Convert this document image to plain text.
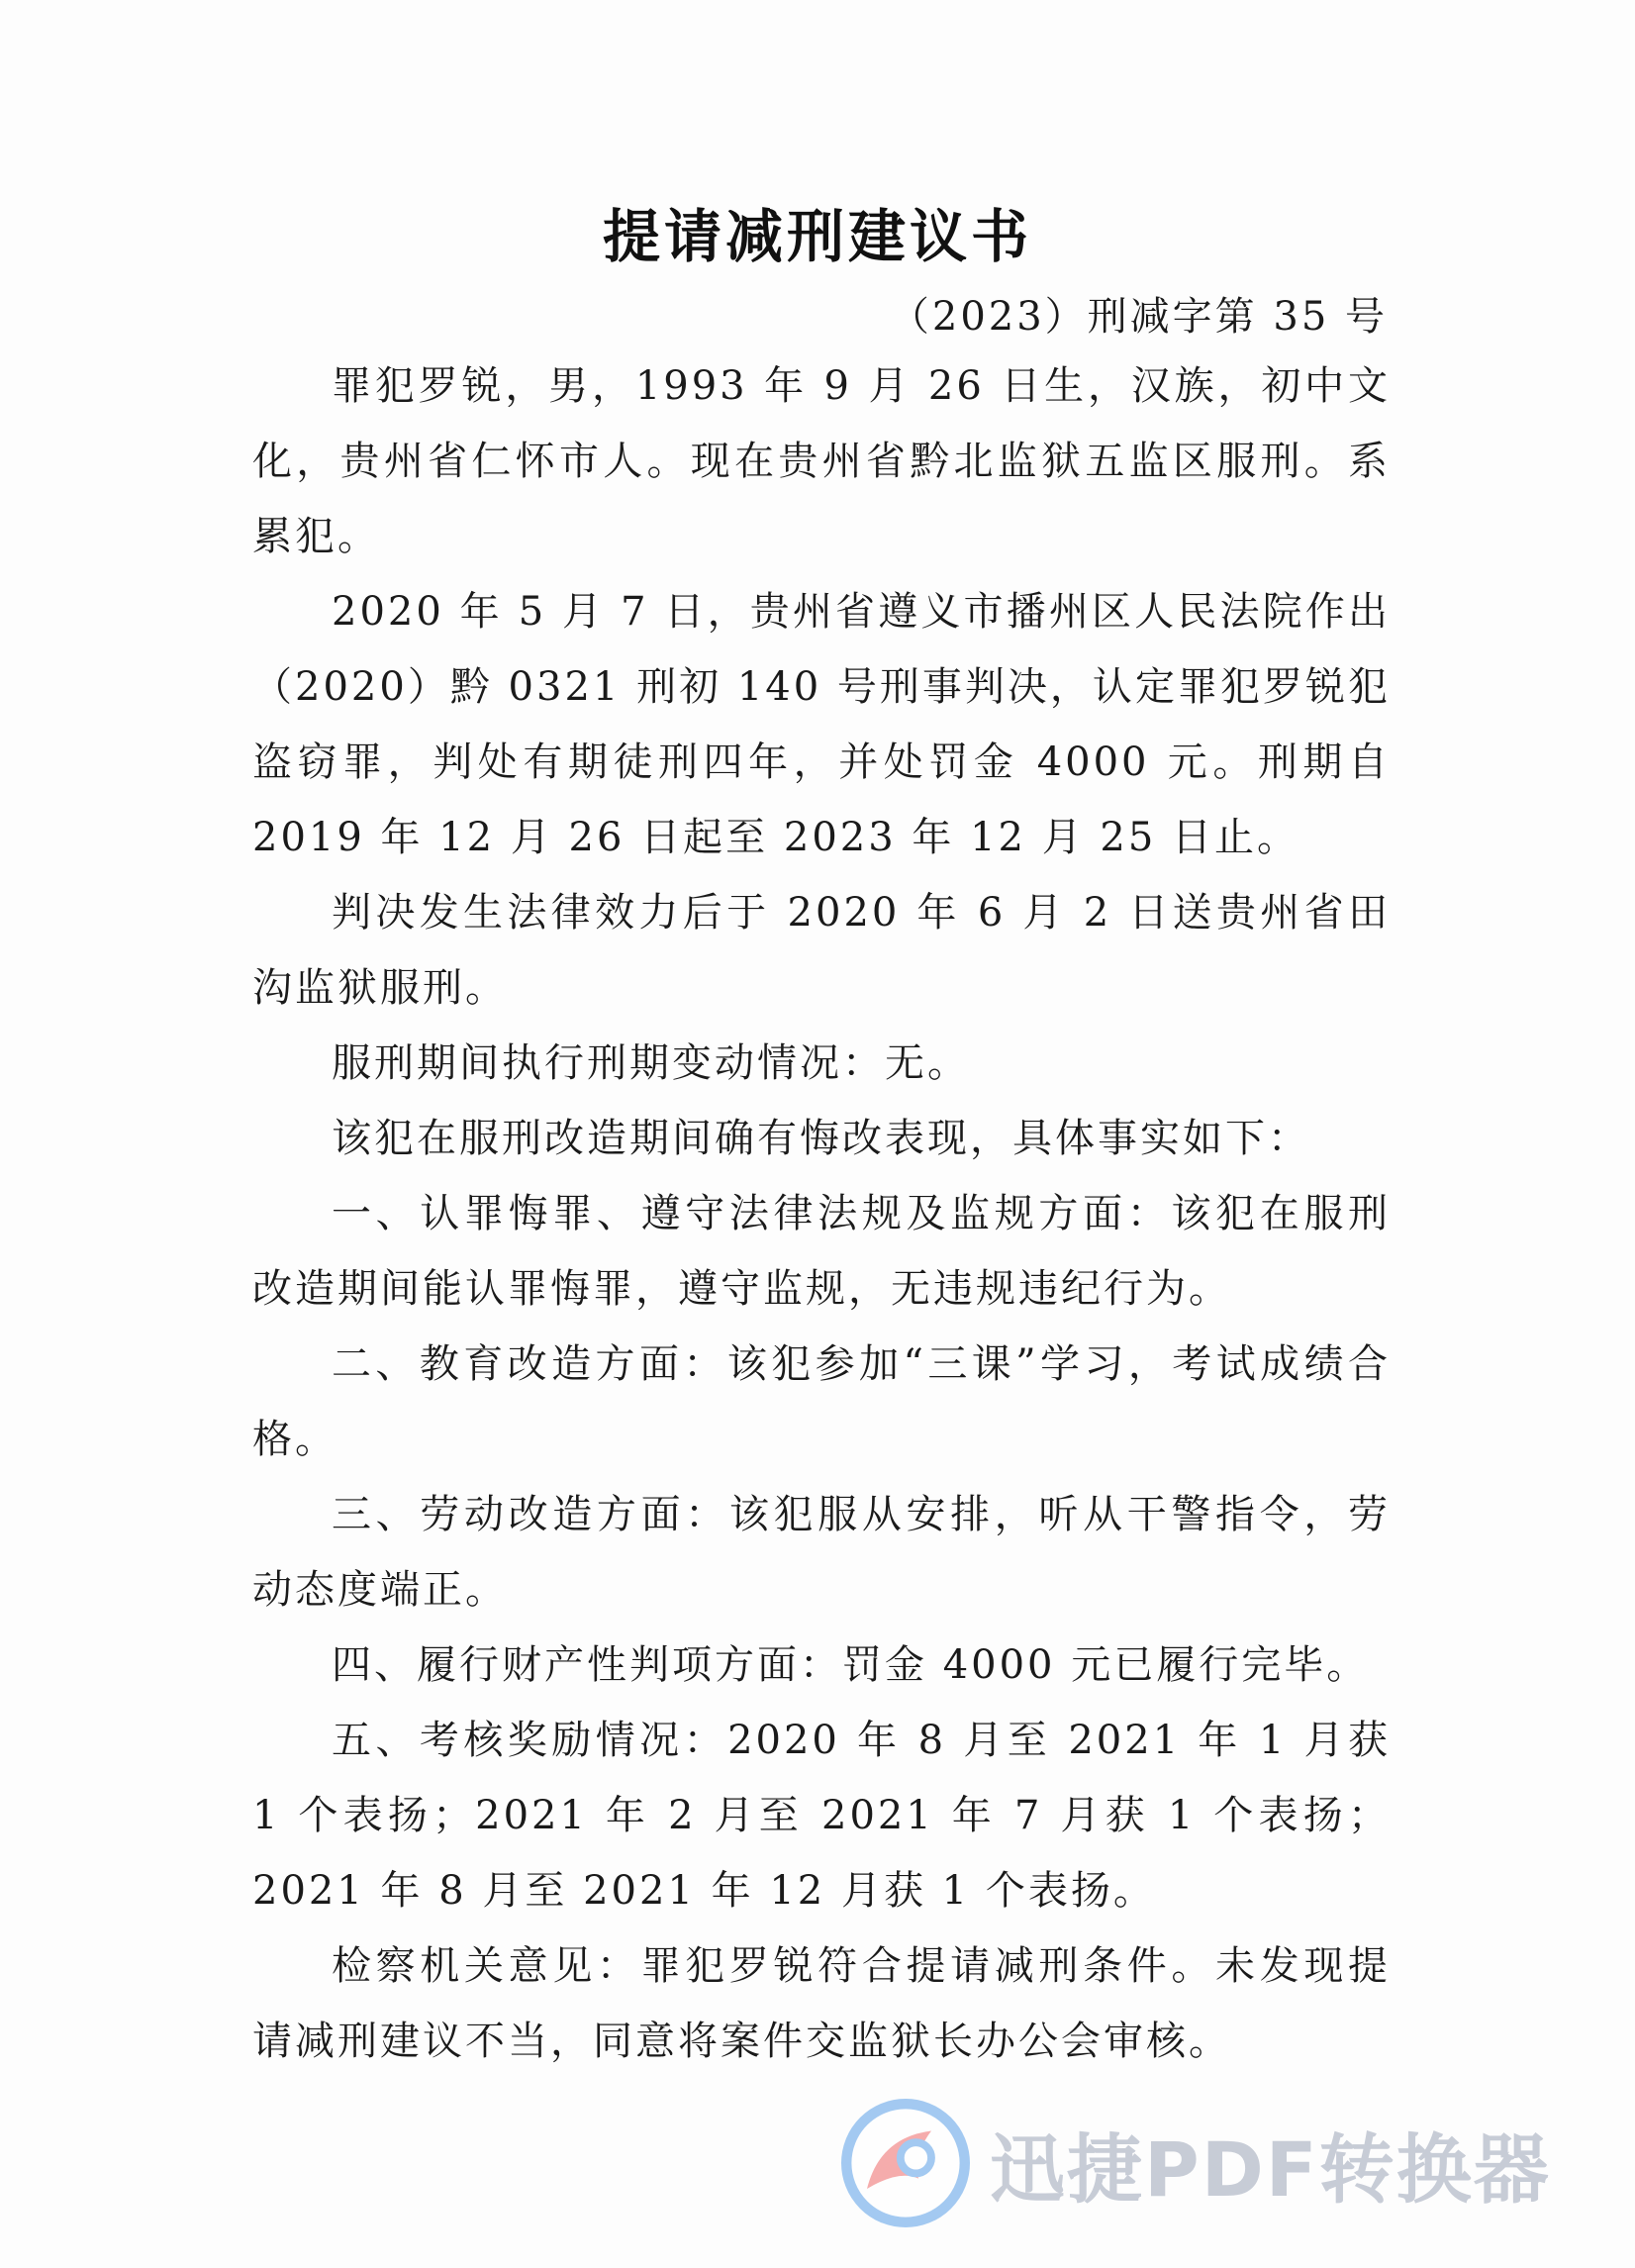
提请减刑建议书
（2023）刑减字第 35 号

罪犯罗锐，男，1993 年 9 月 26 日生，汉族，初中文化，贵州省仁怀市人。现在贵州省黔北监狱五监区服刑。系累犯。

2020 年 5 月 7 日，贵州省遵义市播州区人民法院作出（2020）黔 0321 刑初 140 号刑事判决，认定罪犯罗锐犯盗窃罪，判处有期徒刑四年，并处罚金 4000 元。刑期自 2019 年 12 月 26 日起至 2023 年 12 月 25 日止。

判决发生法律效力后于 2020 年 6 月 2 日送贵州省田沟监狱服刑。

服刑期间执行刑期变动情况：无。

该犯在服刑改造期间确有悔改表现，具体事实如下：

一、认罪悔罪、遵守法律法规及监规方面：该犯在服刑改造期间能认罪悔罪，遵守监规，无违规违纪行为。

二、教育改造方面：该犯参加“三课”学习，考试成绩合格。

三、劳动改造方面：该犯服从安排，听从干警指令，劳动态度端正。

四、履行财产性判项方面：罚金 4000 元已履行完毕。

五、考核奖励情况：2020 年 8 月至 2021 年 1 月获 1 个表扬；2021 年 2 月至 2021 年 7 月获 1 个表扬；2021 年 8 月至 2021 年 12 月获 1 个表扬。

检察机关意见：罪犯罗锐符合提请减刑条件。未发现提请减刑建议不当，同意将案件交监狱长办公会审核。

迅捷PDF转换器
